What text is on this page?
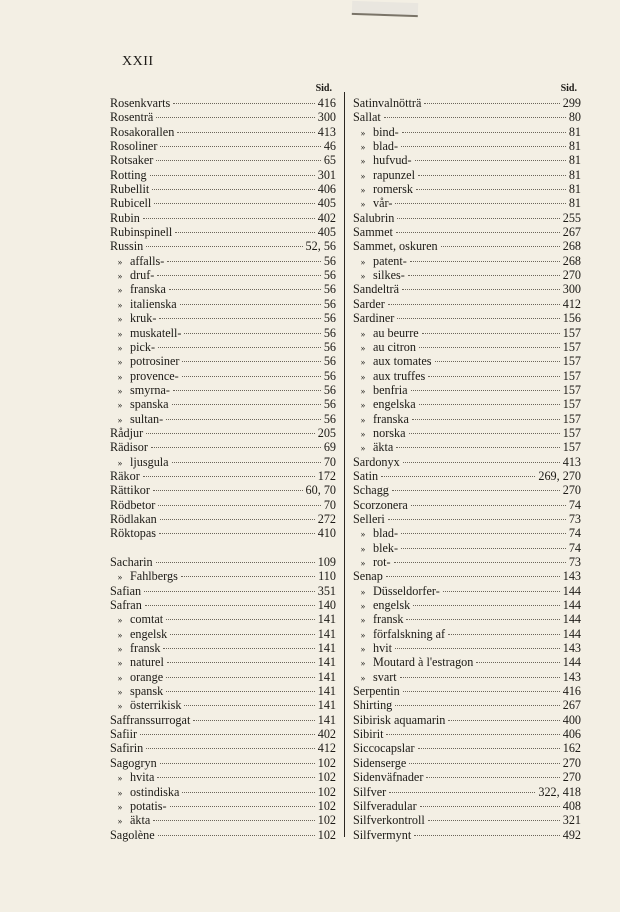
XXII
Sid.
Rosenkvarts	416
Rosenträ	300
Rosakorallen	413
Rosoliner	46
Rotsaker	65
Rotting	301
Rubellit	406
Rubicell	405
Rubin	402
Rubinspinell	405
Russin	52, 56
» affalls-	56
» druf-	56
» franska	56
» italienska	56
» kruk-	56
» muskatell-	56
» pick-	56
» potrosiner	56
» provence-	56
» smyrna-	56
» spanska	56
» sultan-	56
Rådjur	205
Rädisor	69
» ljusgula	70
Räkor	172
Rättikor	60, 70
Rödbetor	70
Rödlakan	272
Röktopas	410
Sacharin	109
» Fahlbergs	110
Safian	351
Safran	140
» comtat	141
» engelsk	141
» fransk	141
» naturel	141
» orange	141
» spansk	141
» österrikisk	141
Saffranssurrogat	141
Safiir	402
Safirin	412
Sagogryn	102
» hvita	102
» ostindiska	102
» potatis-	102
» äkta	102
Sagolène	102
Sid.
Satinvalnötträ	299
Sallat	80
» bind-	81
» blad-	81
» hufvud-	81
» rapunzel	81
» romersk	81
» vår-	81
Salubrin	255
Sammet	267
Sammet, oskuren	268
» patent-	268
» silkes-	270
Sandelträ	300
Sarder	412
Sardiner	156
» au beurre	157
» au citron	157
» aux tomates	157
» aux truffes	157
» benfria	157
» engelska	157
» franska	157
» norska	157
» äkta	157
Sardonyx	413
Satin	269, 270
Schagg	270
Scorzonera	74
Selleri	73
» blad-	74
» blek-	74
» rot-	73
Senap	143
» Düsseldorfer-	144
» engelsk	144
» fransk	144
» förfalskning af	144
» hvit	143
» Moutard à l'estragon	144
» svart	143
Serpentin	416
Shirting	267
Sibirisk aquamarin	400
Sibirit	406
Siccocapslar	162
Sidenserge	270
Sidenväfnader	270
Silfver	322, 418
Silfveradular	408
Silfverkontroll	321
Silfvermynt	492
